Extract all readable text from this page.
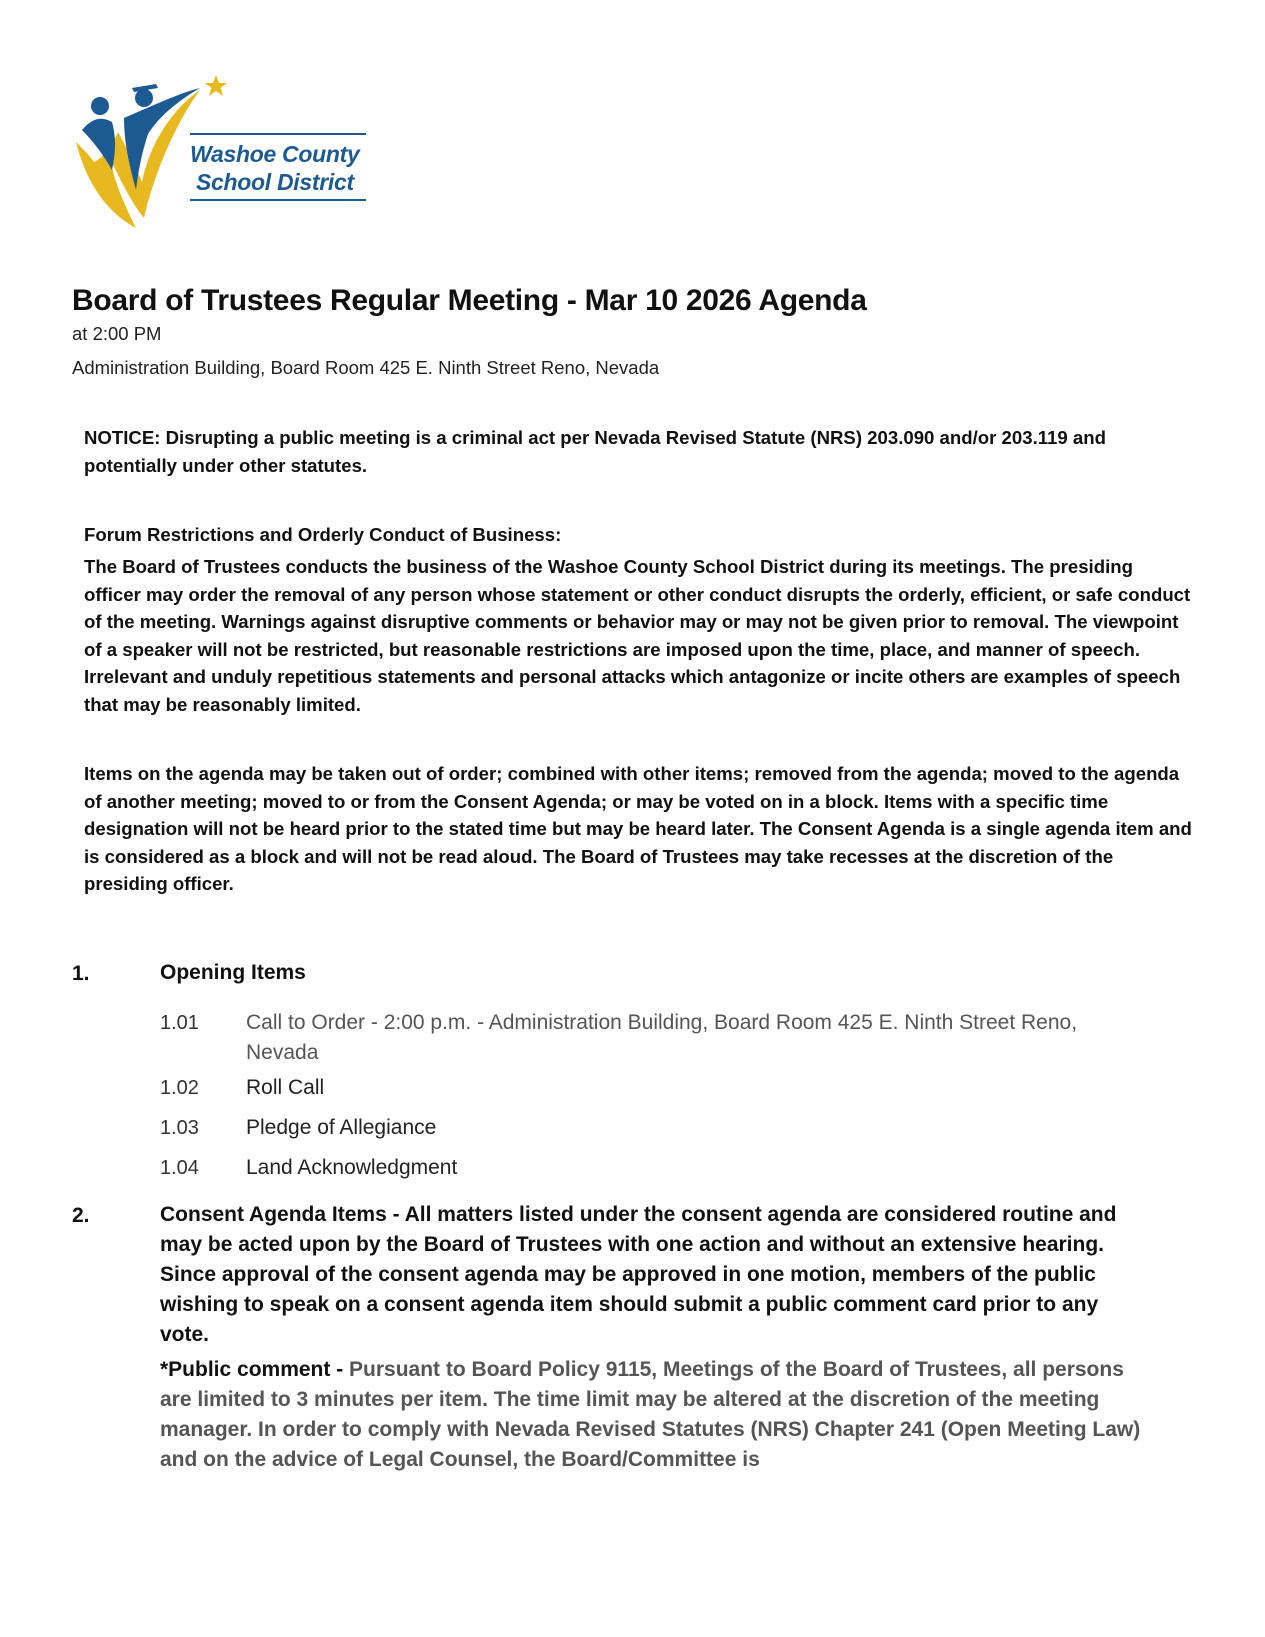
Washoe County
School District
Board of Trustees Regular Meeting - Mar 10 2026 Agenda
at 2:00 PM
Administration Building, Board Room 425 E. Ninth Street Reno, Nevada

NOTICE: Disrupting a public meeting is a criminal act per Nevada Revised Statute (NRS) 203.090 and/or 203.119 and potentially under other statutes.

Forum Restrictions and Orderly Conduct of Business:

The Board of Trustees conducts the business of the Washoe County School District during its meetings. The presiding officer may order the removal of any person whose statement or other conduct disrupts the orderly, efficient, or safe conduct of the meeting. Warnings against disruptive comments or behavior may or may not be given prior to removal. The viewpoint of a speaker will not be restricted, but reasonable restrictions are imposed upon the time, place, and manner of speech. Irrelevant and unduly repetitious statements and personal attacks which antagonize or incite others are examples of speech that may be reasonably limited.

Items on the agenda may be taken out of order; combined with other items; removed from the agenda; moved to the agenda of another meeting; moved to or from the Consent Agenda; or may be voted on in a block. Items with a specific time designation will not be heard prior to the stated time but may be heard later. The Consent Agenda is a single agenda item and is considered as a block and will not be read aloud. The Board of Trustees may take recesses at the discretion of the presiding officer.

1.	Opening Items
1.01 Call to Order - 2:00 p.m. - Administration Building, Board Room 425 E. Ninth Street Reno, Nevada
1.02 Roll Call
1.03 Pledge of Allegiance
1.04 Land Acknowledgment
2.	Consent Agenda Items - All matters listed under the consent agenda are considered routine and may be acted upon by the Board of Trustees with one action and without an extensive hearing. Since approval of the consent agenda may be approved in one motion, members of the public wishing to speak on a consent agenda item should submit a public comment card prior to any vote.
*Public comment - Pursuant to Board Policy 9115, Meetings of the Board of Trustees, all persons are limited to 3 minutes per item. The time limit may be altered at the discretion of the meeting manager. In order to comply with Nevada Revised Statutes (NRS) Chapter 241 (Open Meeting Law) and on the advice of Legal Counsel, the Board/Committee is
